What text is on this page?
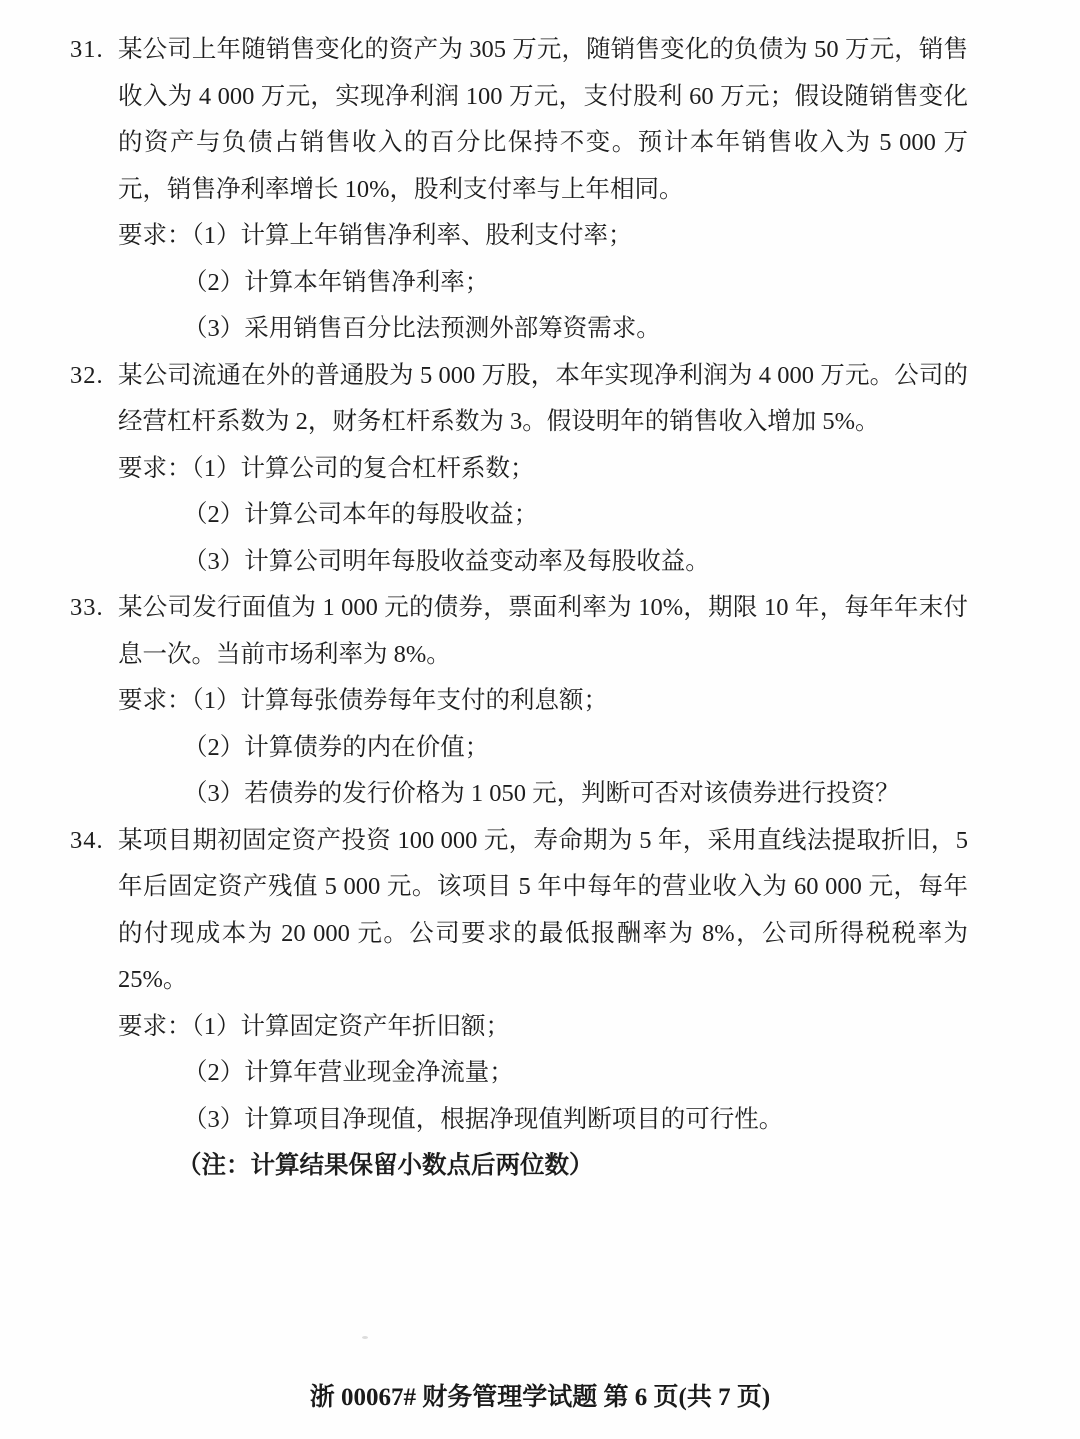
31. 某公司上年随销售变化的资产为 305 万元，随销售变化的负债为 50 万元，销售收入为 4 000 万元，实现净利润 100 万元，支付股利 60 万元；假设随销售变化的资产与负债占销售收入的百分比保持不变。预计本年销售收入为 5 000 万元，销售净利率增长 10%，股利支付率与上年相同。

要求：（1）计算上年销售净利率、股利支付率；

（2）计算本年销售净利率；

（3）采用销售百分比法预测外部筹资需求。

32. 某公司流通在外的普通股为 5 000 万股，本年实现净利润为 4 000 万元。公司的经营杠杆系数为 2，财务杠杆系数为 3。假设明年的销售收入增加 5%。

要求：（1）计算公司的复合杠杆系数；

（2）计算公司本年的每股收益；

（3）计算公司明年每股收益变动率及每股收益。

33. 某公司发行面值为 1 000 元的债券，票面利率为 10%，期限 10 年，每年年末付息一次。当前市场利率为 8%。

要求：（1）计算每张债券每年支付的利息额；

（2）计算债券的内在价值；

（3）若债券的发行价格为 1 050 元，判断可否对该债券进行投资？

34. 某项目期初固定资产投资 100 000 元，寿命期为 5 年，采用直线法提取折旧，5 年后固定资产残值 5 000 元。该项目 5 年中每年的营业收入为 60 000 元，每年的付现成本为 20 000 元。公司要求的最低报酬率为 8%，公司所得税税率为 25%。

要求：（1）计算固定资产年折旧额；

（2）计算年营业现金净流量；

（3）计算项目净现值，根据净现值判断项目的可行性。

（注：计算结果保留小数点后两位数）

浙 00067# 财务管理学试题 第 6 页(共 7 页)
